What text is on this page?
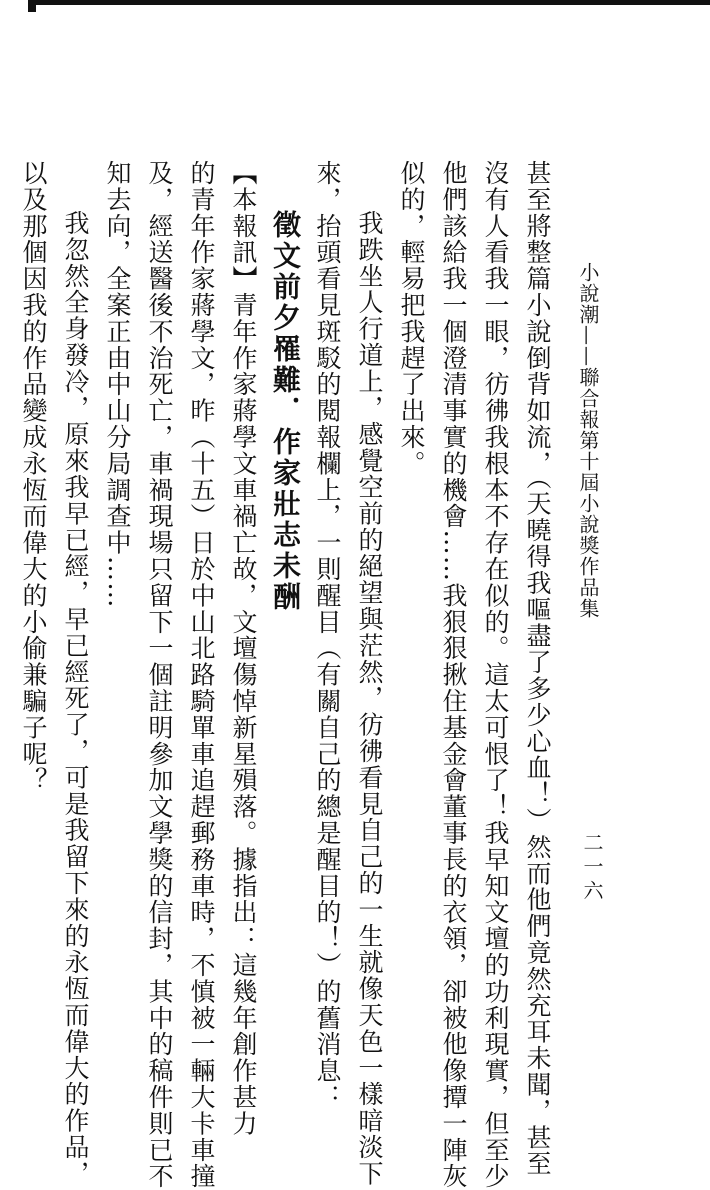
小說潮——聯合報第十屆小說獎作品集
二一六
甚至將整篇小說倒背如流，（天曉得我嘔盡了多少心血！）然而他們竟然充耳未聞，甚至
沒有人看我一眼，彷彿我根本不存在似的。這太可恨了！我早知文壇的功利現實，但至少
他們該給我一個澄清事實的機會……我狠狠揪住基金會董事長的衣領，卻被他像撢一陣灰
似的，輕易把我趕了出來。
我跌坐人行道上，感覺空前的絕望與茫然，彷彿看見自己的一生就像天色一樣暗淡下
來，抬頭看見斑駁的閱報欄上，一則醒目（有關自己的總是醒目的！）的舊消息：
徵文前夕罹難．作家壯志未酬
【本報訊】青年作家蔣學文車禍亡故，文壇傷悼新星殞落。據指出：這幾年創作甚力
的青年作家蔣學文，昨（十五）日於中山北路騎單車追趕郵務車時，不慎被一輛大卡車撞
及，經送醫後不治死亡，車禍現場只留下一個註明參加文學獎的信封，其中的稿件則已不
知去向，全案正由中山分局調查中……
我忽然全身發冷，原來我早已經，早已經死了，可是我留下來的永恆而偉大的作品，
以及那個因我的作品變成永恆而偉大的小偷兼騙子呢？
